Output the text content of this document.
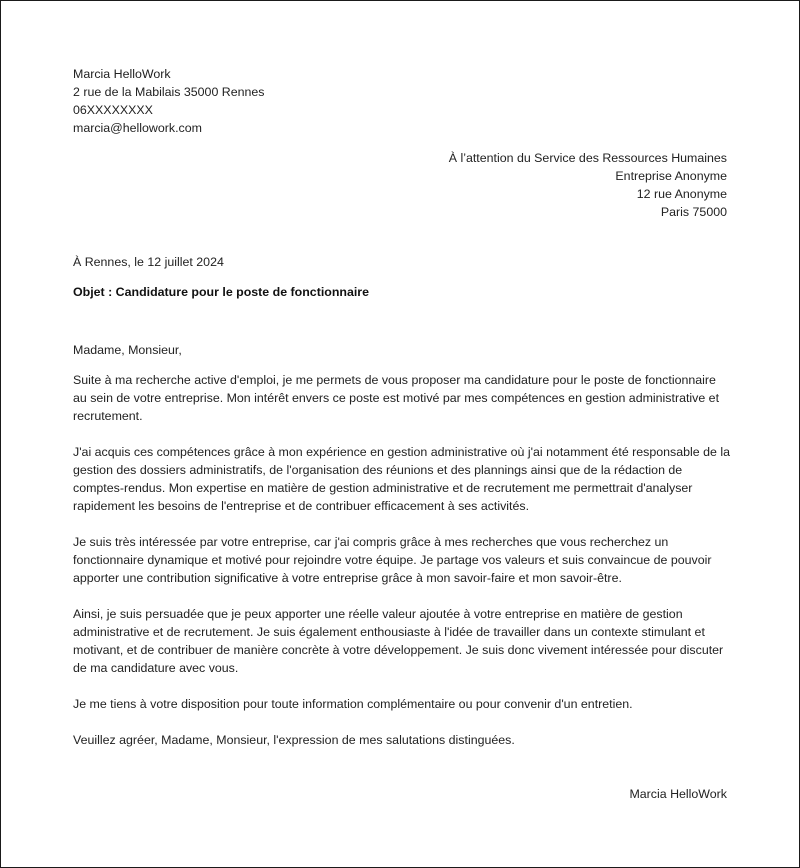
Marcia HelloWork
2 rue de la Mabilais 35000 Rennes
06XXXXXXXX
marcia@hellowork.com
À l’attention du Service des Ressources Humaines
Entreprise Anonyme
12 rue Anonyme
Paris 75000
À Rennes, le 12 juillet 2024
Objet : Candidature pour le poste de fonctionnaire

Madame, Monsieur,

Suite à ma recherche active d'emploi, je me permets de vous proposer ma candidature pour le poste de fonctionnaire au sein de votre entreprise. Mon intérêt envers ce poste est motivé par mes compétences en gestion administrative et recrutement.

J'ai acquis ces compétences grâce à mon expérience en gestion administrative où j'ai notamment été responsable de la gestion des dossiers administratifs, de l'organisation des réunions et des plannings ainsi que de la rédaction de comptes-rendus. Mon expertise en matière de gestion administrative et de recrutement me permettrait d'analyser rapidement les besoins de l'entreprise et de contribuer efficacement à ses activités.

Je suis très intéressée par votre entreprise, car j'ai compris grâce à mes recherches que vous recherchez un fonctionnaire dynamique et motivé pour rejoindre votre équipe. Je partage vos valeurs et suis convaincue de pouvoir apporter une contribution significative à votre entreprise grâce à mon savoir-faire et mon savoir-être.

Ainsi, je suis persuadée que je peux apporter une réelle valeur ajoutée à votre entreprise en matière de gestion administrative et de recrutement. Je suis également enthousiaste à l'idée de travailler dans un contexte stimulant et motivant, et de contribuer de manière concrète à votre développement. Je suis donc vivement intéressée pour discuter de ma candidature avec vous.

Je me tiens à votre disposition pour toute information complémentaire ou pour convenir d'un entretien.

Veuillez agréer, Madame, Monsieur, l'expression de mes salutations distinguées.

Marcia HelloWork
